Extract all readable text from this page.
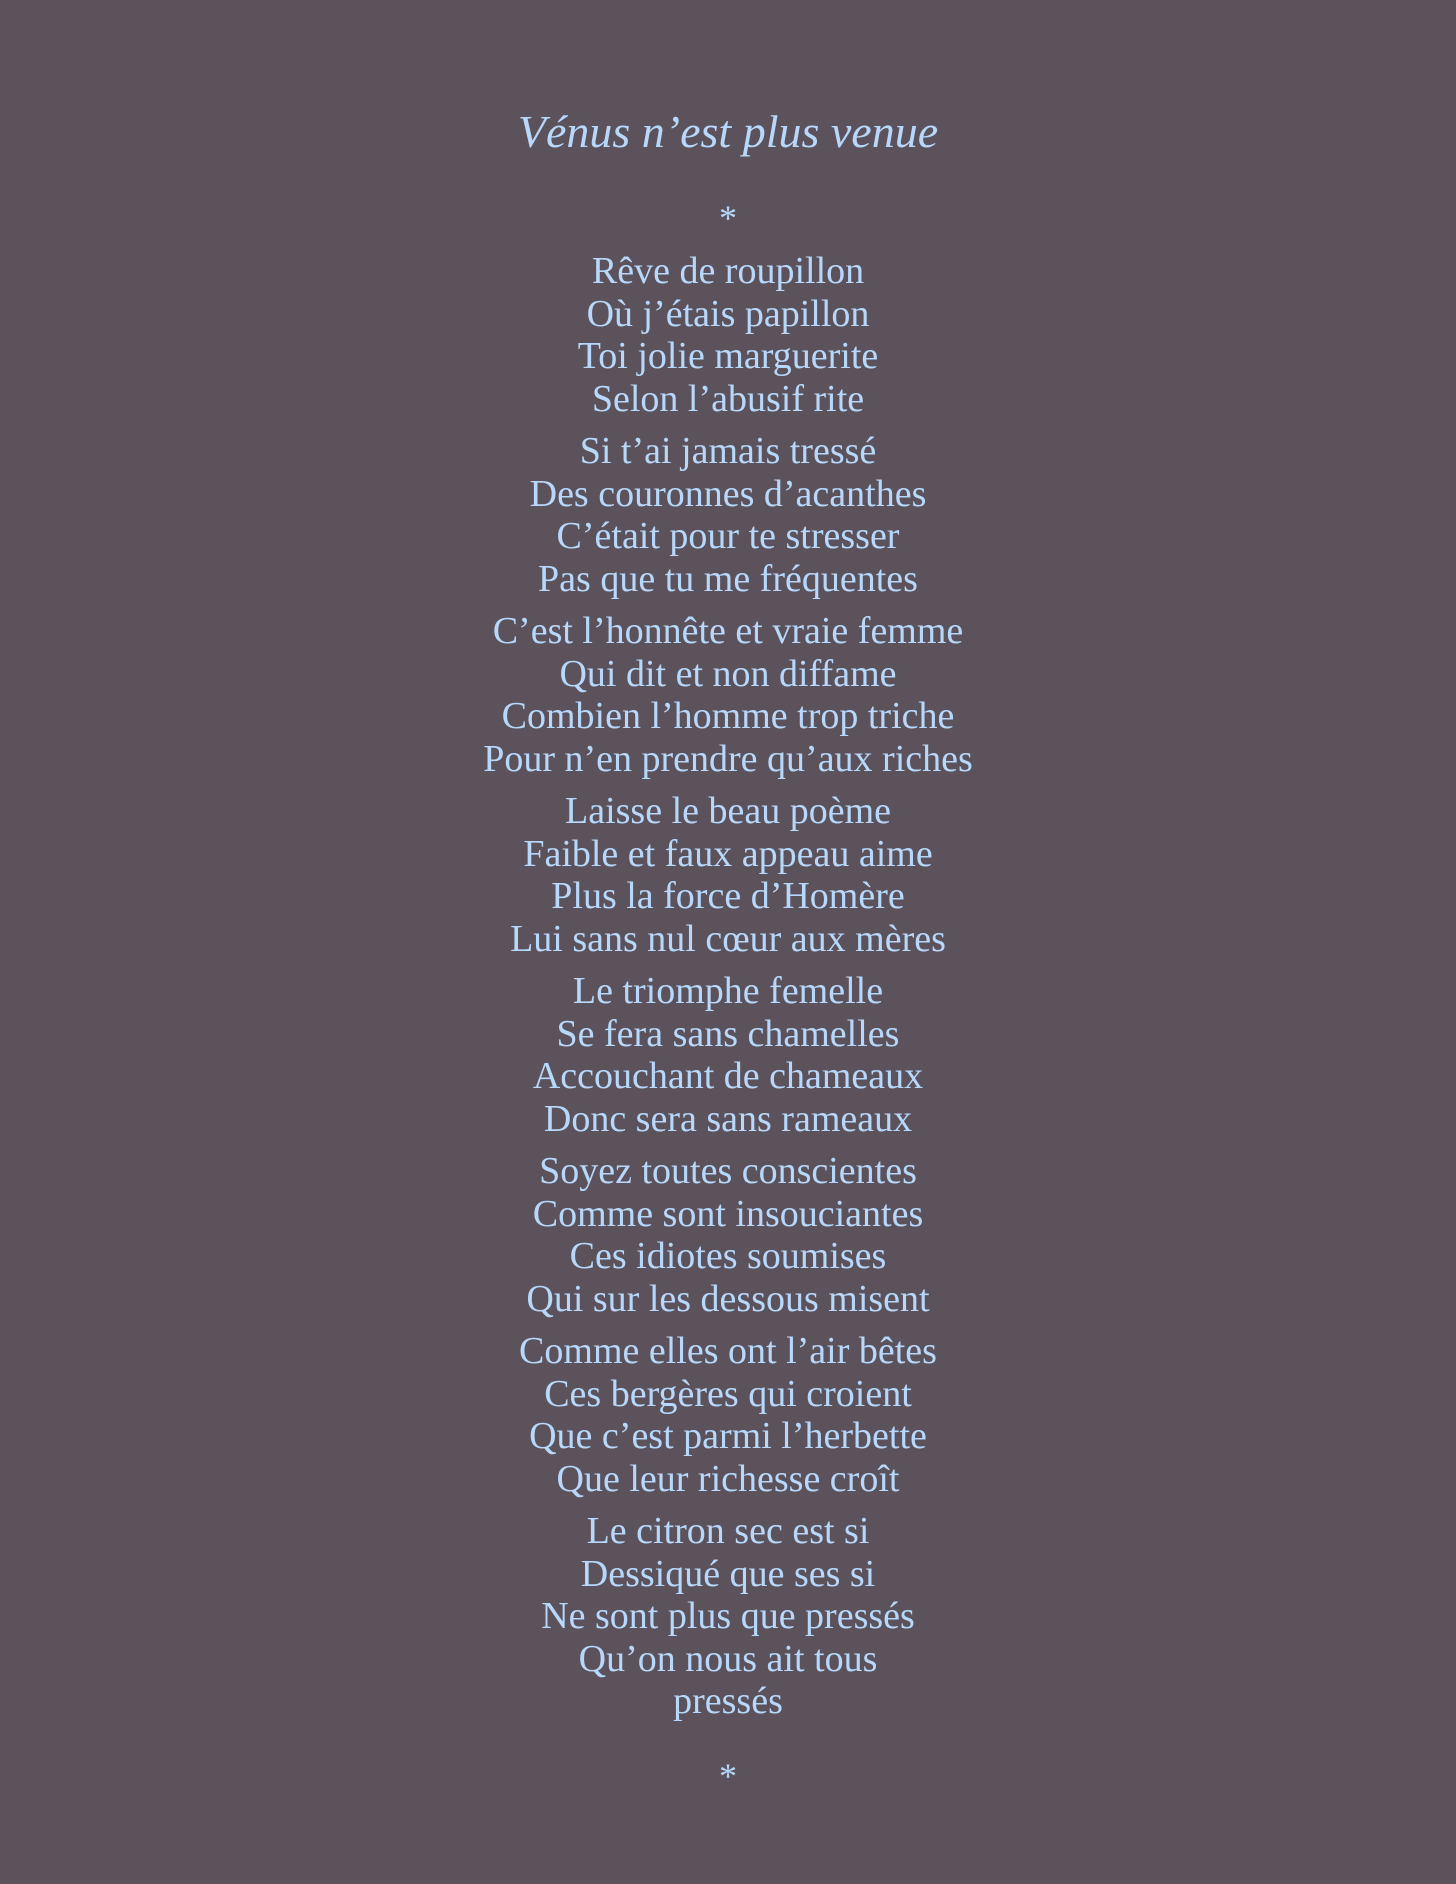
Vénus n’est plus venue
*
Rêve de roupillon
Où j’étais papillon
Toi jolie marguerite
Selon l’abusif rite
Si t’ai jamais tressé
Des couronnes d’acanthes
C’était pour te stresser
Pas que tu me fréquentes
C’est l’honnête et vraie femme
Qui dit et non diffame
Combien l’homme trop triche
Pour n’en prendre qu’aux riches
Laisse le beau poème
Faible et faux appeau aime
Plus la force d’Homère
Lui sans nul cœur aux mères
Le triomphe femelle
Se fera sans chamelles
Accouchant de chameaux
Donc sera sans rameaux
Soyez toutes conscientes
Comme sont insouciantes
Ces idiotes soumises
Qui sur les dessous misent
Comme elles ont l’air bêtes
Ces bergères qui croient
Que c’est parmi l’herbette
Que leur richesse croît
Le citron sec est si
Dessiqué que ses si
Ne sont plus que pressés
Qu’on nous ait tous
pressés
*
